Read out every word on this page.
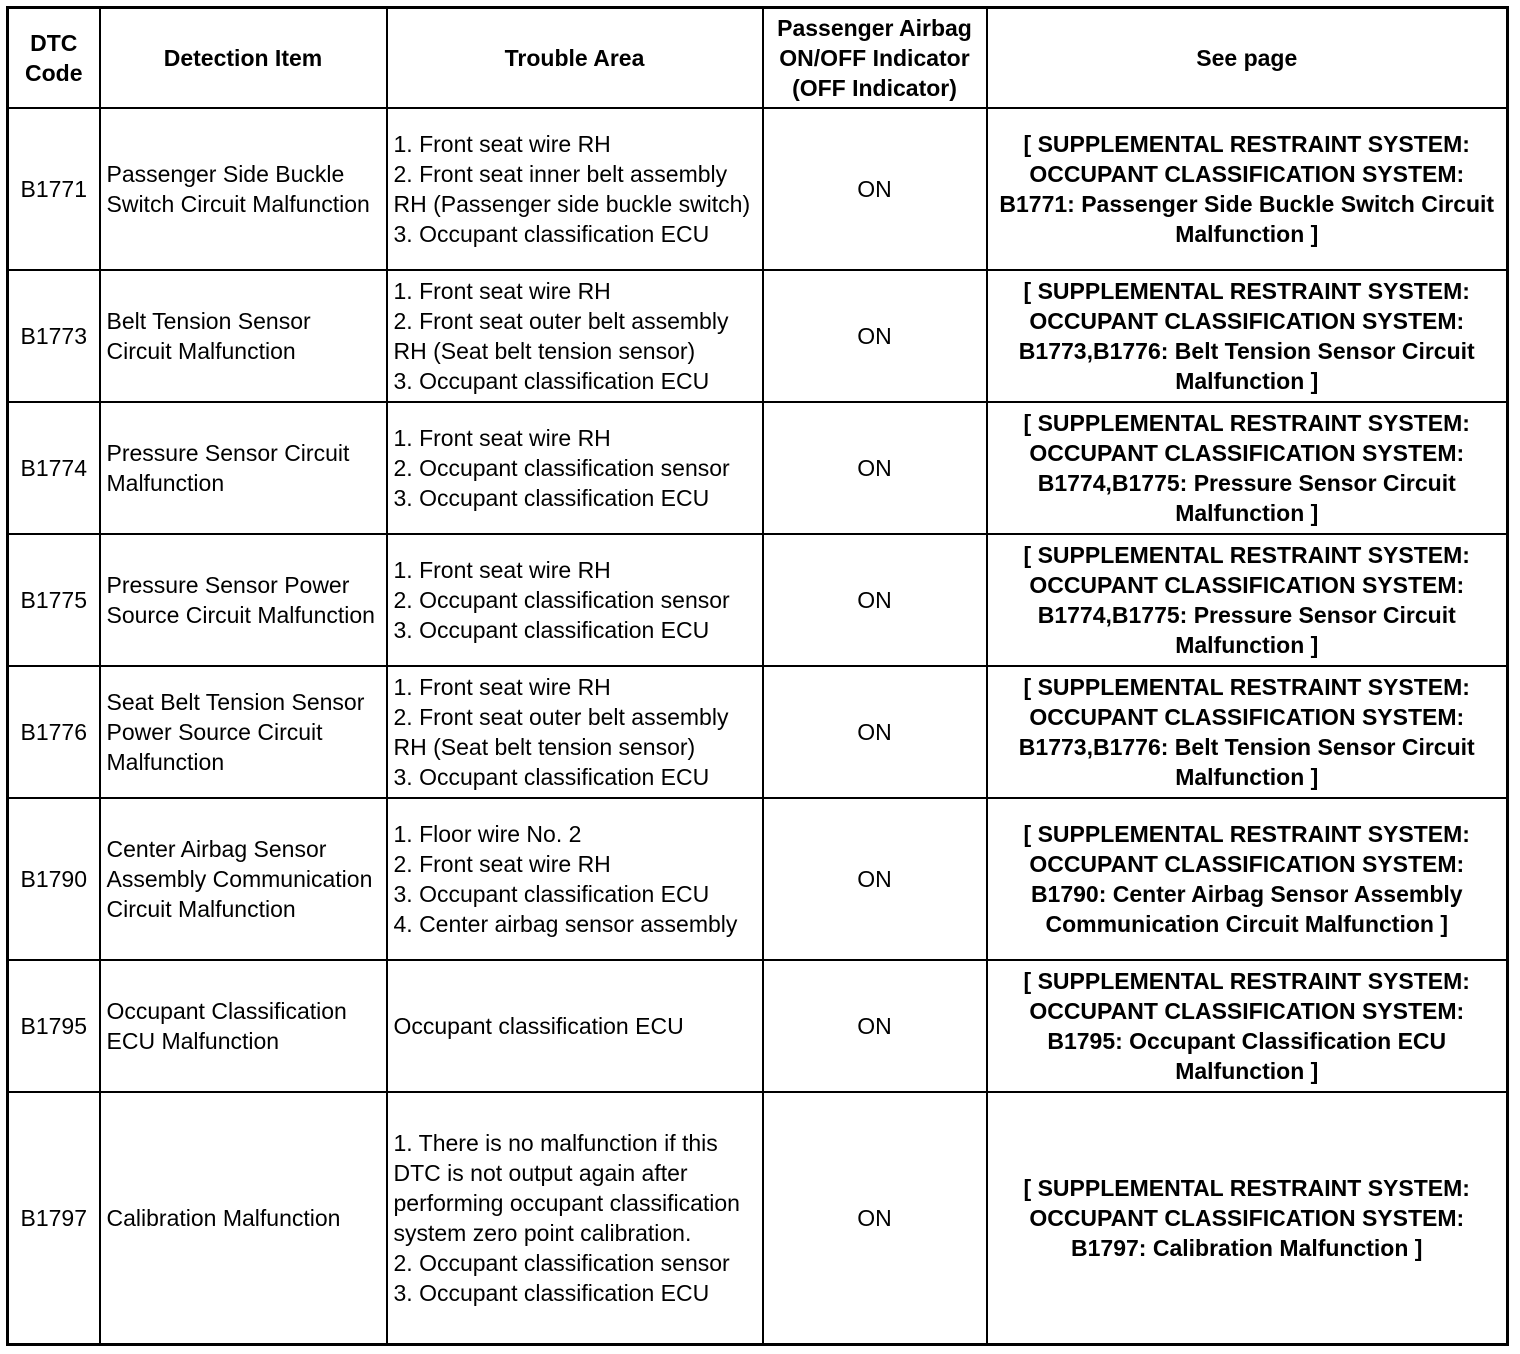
DTC Code	Detection Item	Trouble Area	Passenger Airbag
ON/OFF Indicator
(OFF Indicator)	See page
B1771	Passenger Side Buckle Switch Circuit Malfunction	1. Front seat wire RH
2. Front seat inner belt assembly RH (Passenger side buckle switch)
3. Occupant classification ECU	ON	[ SUPPLEMENTAL RESTRAINT SYSTEM: OCCUPANT CLASSIFICATION SYSTEM: B1771: Passenger Side Buckle Switch Circuit Malfunction ]
B1773	Belt Tension Sensor Circuit Malfunction	1. Front seat wire RH
2. Front seat outer belt assembly RH (Seat belt tension sensor)
3. Occupant classification ECU	ON	[ SUPPLEMENTAL RESTRAINT SYSTEM: OCCUPANT CLASSIFICATION SYSTEM: B1773,B1776: Belt Tension Sensor Circuit Malfunction ]
B1774	Pressure Sensor Circuit Malfunction	1. Front seat wire RH
2. Occupant classification sensor
3. Occupant classification ECU	ON	[ SUPPLEMENTAL RESTRAINT SYSTEM: OCCUPANT CLASSIFICATION SYSTEM: B1774,B1775: Pressure Sensor Circuit Malfunction ]
B1775	Pressure Sensor Power Source Circuit Malfunction	1. Front seat wire RH
2. Occupant classification sensor
3. Occupant classification ECU	ON	[ SUPPLEMENTAL RESTRAINT SYSTEM: OCCUPANT CLASSIFICATION SYSTEM: B1774,B1775: Pressure Sensor Circuit Malfunction ]
B1776	Seat Belt Tension Sensor Power Source Circuit Malfunction	1. Front seat wire RH
2. Front seat outer belt assembly RH (Seat belt tension sensor)
3. Occupant classification ECU	ON	[ SUPPLEMENTAL RESTRAINT SYSTEM: OCCUPANT CLASSIFICATION SYSTEM: B1773,B1776: Belt Tension Sensor Circuit Malfunction ]
B1790	Center Airbag Sensor Assembly Communication Circuit Malfunction	1. Floor wire No. 2
2. Front seat wire RH
3. Occupant classification ECU
4. Center airbag sensor assembly	ON	[ SUPPLEMENTAL RESTRAINT SYSTEM: OCCUPANT CLASSIFICATION SYSTEM: B1790: Center Airbag Sensor Assembly Communication Circuit Malfunction ]
B1795	Occupant Classification ECU Malfunction	Occupant classification ECU	ON	[ SUPPLEMENTAL RESTRAINT SYSTEM: OCCUPANT CLASSIFICATION SYSTEM: B1795: Occupant Classification ECU Malfunction ]
B1797	Calibration Malfunction	1. There is no malfunction if this DTC is not output again after performing occupant classification system zero point calibration.
2. Occupant classification sensor
3. Occupant classification ECU	ON	[ SUPPLEMENTAL RESTRAINT SYSTEM: OCCUPANT CLASSIFICATION SYSTEM: B1797: Calibration Malfunction ]
